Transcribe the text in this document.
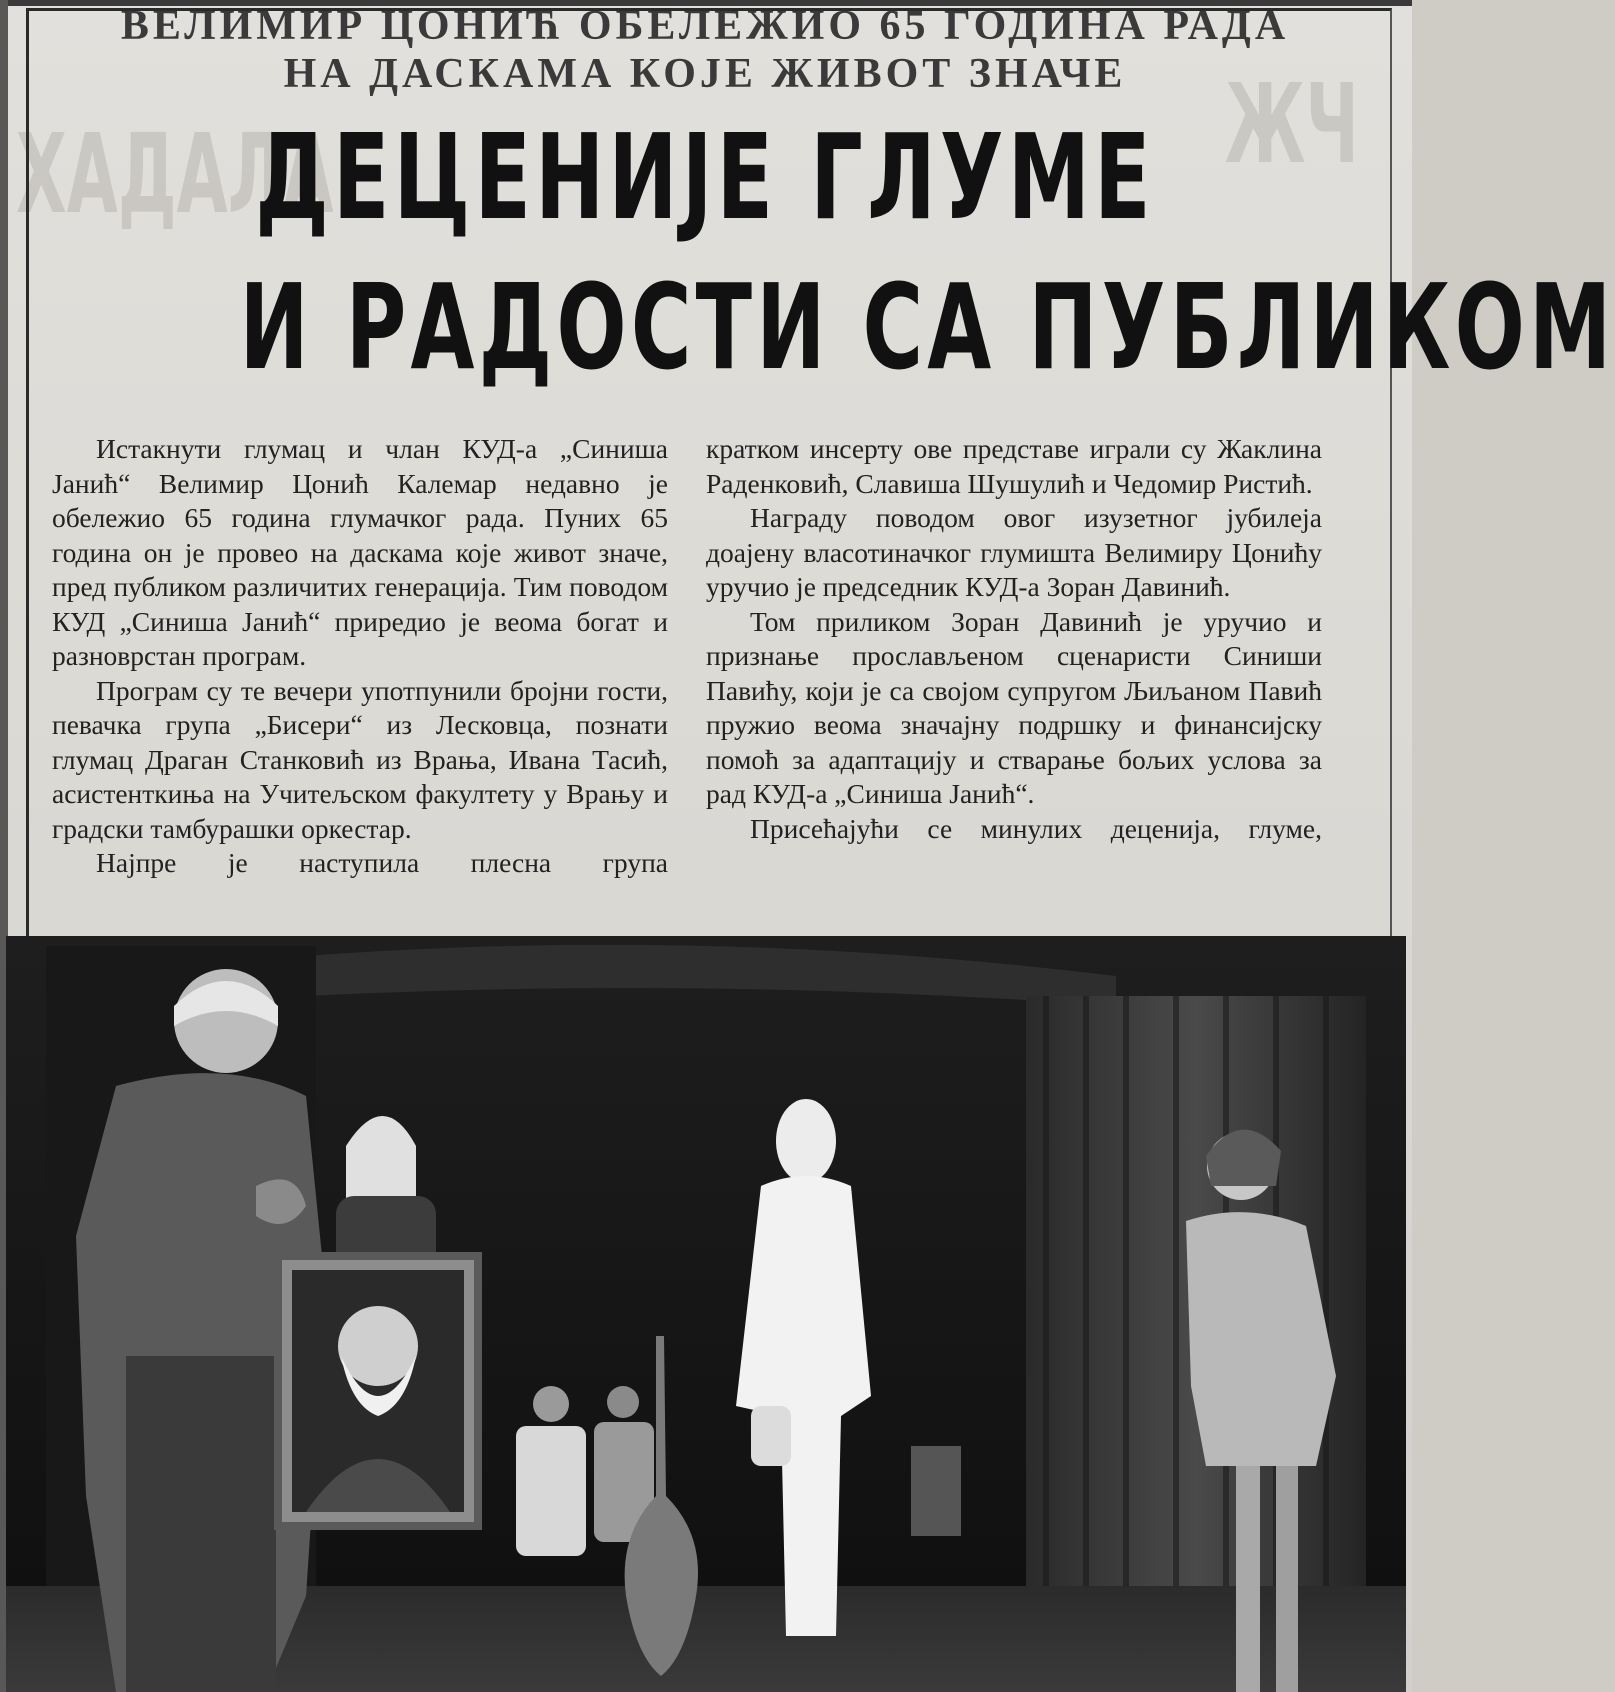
ХАДАЛА	ЖЧ
ВЕЛИМИР ЦОНИЋ ОБЕЛЕЖИО 65 ГОДИНА РАДА
НА ДАСКАМА КОЈЕ ЖИВОТ ЗНАЧЕ
ДЕЦЕНИЈЕ ГЛУМЕ
И РАДОСТИ СА ПУБЛИКОМ

Истакнути глумац и члан КУД-а „Синиша Јанић“ Велимир Цонић Калемар недавно је обележио 65 година глумачког рада. Пуних 65 година он је провео на даскама које живот значе, пред публиком различитих генерација. Тим поводом КУД „Синиша Јанић“ приредио је веома богат и разноврстан програм.

Програм су те вечери употпунили бројни гости, певачка група „Бисери“ из Лесковца, познати глумац Драган Станковић из Врања, Ивана Тасић, асистенткиња на Учитељском факултету у Врању и градски тамбурашки оркестар.

Најпре је наступила плесна група

кратком инсерту ове представе играли су Жаклина Раденковић, Славиша Шушулић и Чедомир Ристић.

Награду поводом овог изузетног јубилеја доајену власотиначког глумишта Велимиру Цонићу уручио је председник КУД-а Зоран Давинић.

Том приликом Зоран Давинић је уручио и признање прослављеном сценаристи Синиши Павићу, који је са својом супругом Љиљаном Павић пружио веома значајну подршку и финансијску помоћ за адаптацију и стварање бољих услова за рад КУД-а „Синиша Јанић“.

Присећајући се минулих деценија, глуме,
